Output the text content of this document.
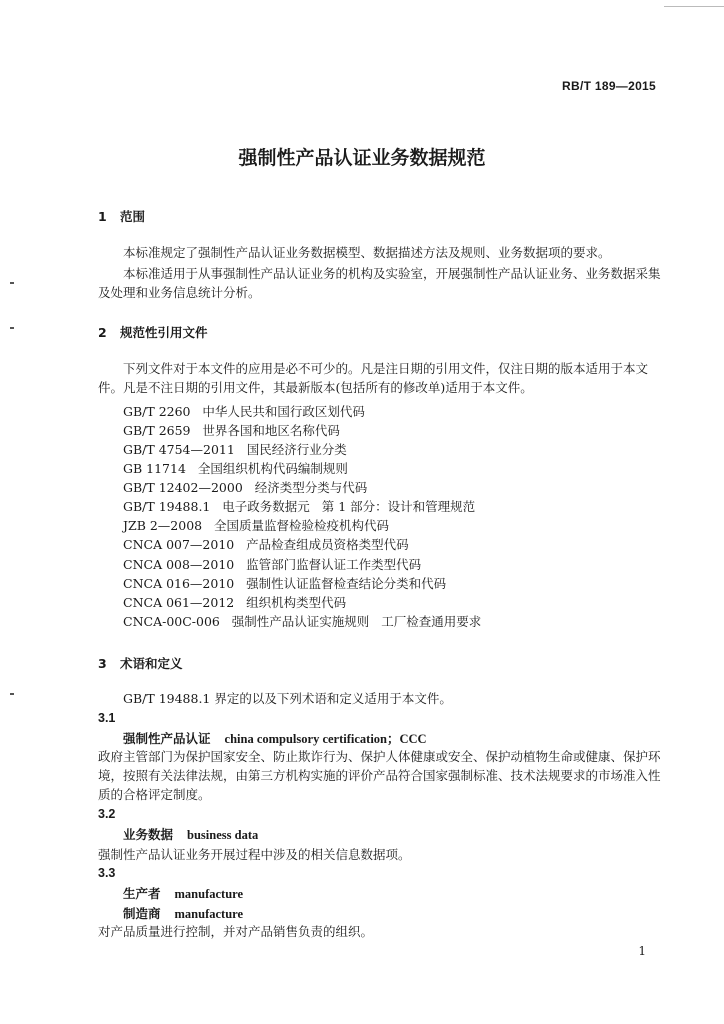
RB/T 189—2015
强制性产品认证业务数据规范
1 范围
本标准规定了强制性产品认证业务数据模型、数据描述方法及规则、业务数据项的要求。
本标准适用于从事强制性产品认证业务的机构及实验室，开展强制性产品认证业务、业务数据采集及处理和业务信息统计分析。
2 规范性引用文件
下列文件对于本文件的应用是必不可少的。凡是注日期的引用文件，仅注日期的版本适用于本文件。凡是不注日期的引用文件，其最新版本(包括所有的修改单)适用于本文件。
GB/T 2260   中华人民共和国行政区划代码
GB/T 2659   世界各国和地区名称代码
GB/T 4754—2011   国民经济行业分类
GB 11714   全国组织机构代码编制规则
GB/T 12402—2000   经济类型分类与代码
GB/T 19488.1   电子政务数据元   第 1 部分：设计和管理规范
JZB 2—2008   全国质量监督检验检疫机构代码
CNCA 007—2010   产品检查组成员资格类型代码
CNCA 008—2010   监管部门监督认证工作类型代码
CNCA 016—2010   强制性认证监督检查结论分类和代码
CNCA 061—2012   组织机构类型代码
CNCA-00C-006   强制性产品认证实施规则   工厂检查通用要求
3 术语和定义
GB/T 19488.1 界定的以及下列术语和定义适用于本文件。
3.1
强制性产品认证 china compulsory certification；CCC
政府主管部门为保护国家安全、防止欺诈行为、保护人体健康或安全、保护动植物生命或健康、保护环境，按照有关法律法规，由第三方机构实施的评价产品符合国家强制标准、技术法规要求的市场准入性质的合格评定制度。
3.2
业务数据 business data
强制性产品认证业务开展过程中涉及的相关信息数据项。
3.3
生产者 manufacture
制造商 manufacture
对产品质量进行控制，并对产品销售负责的组织。
1
